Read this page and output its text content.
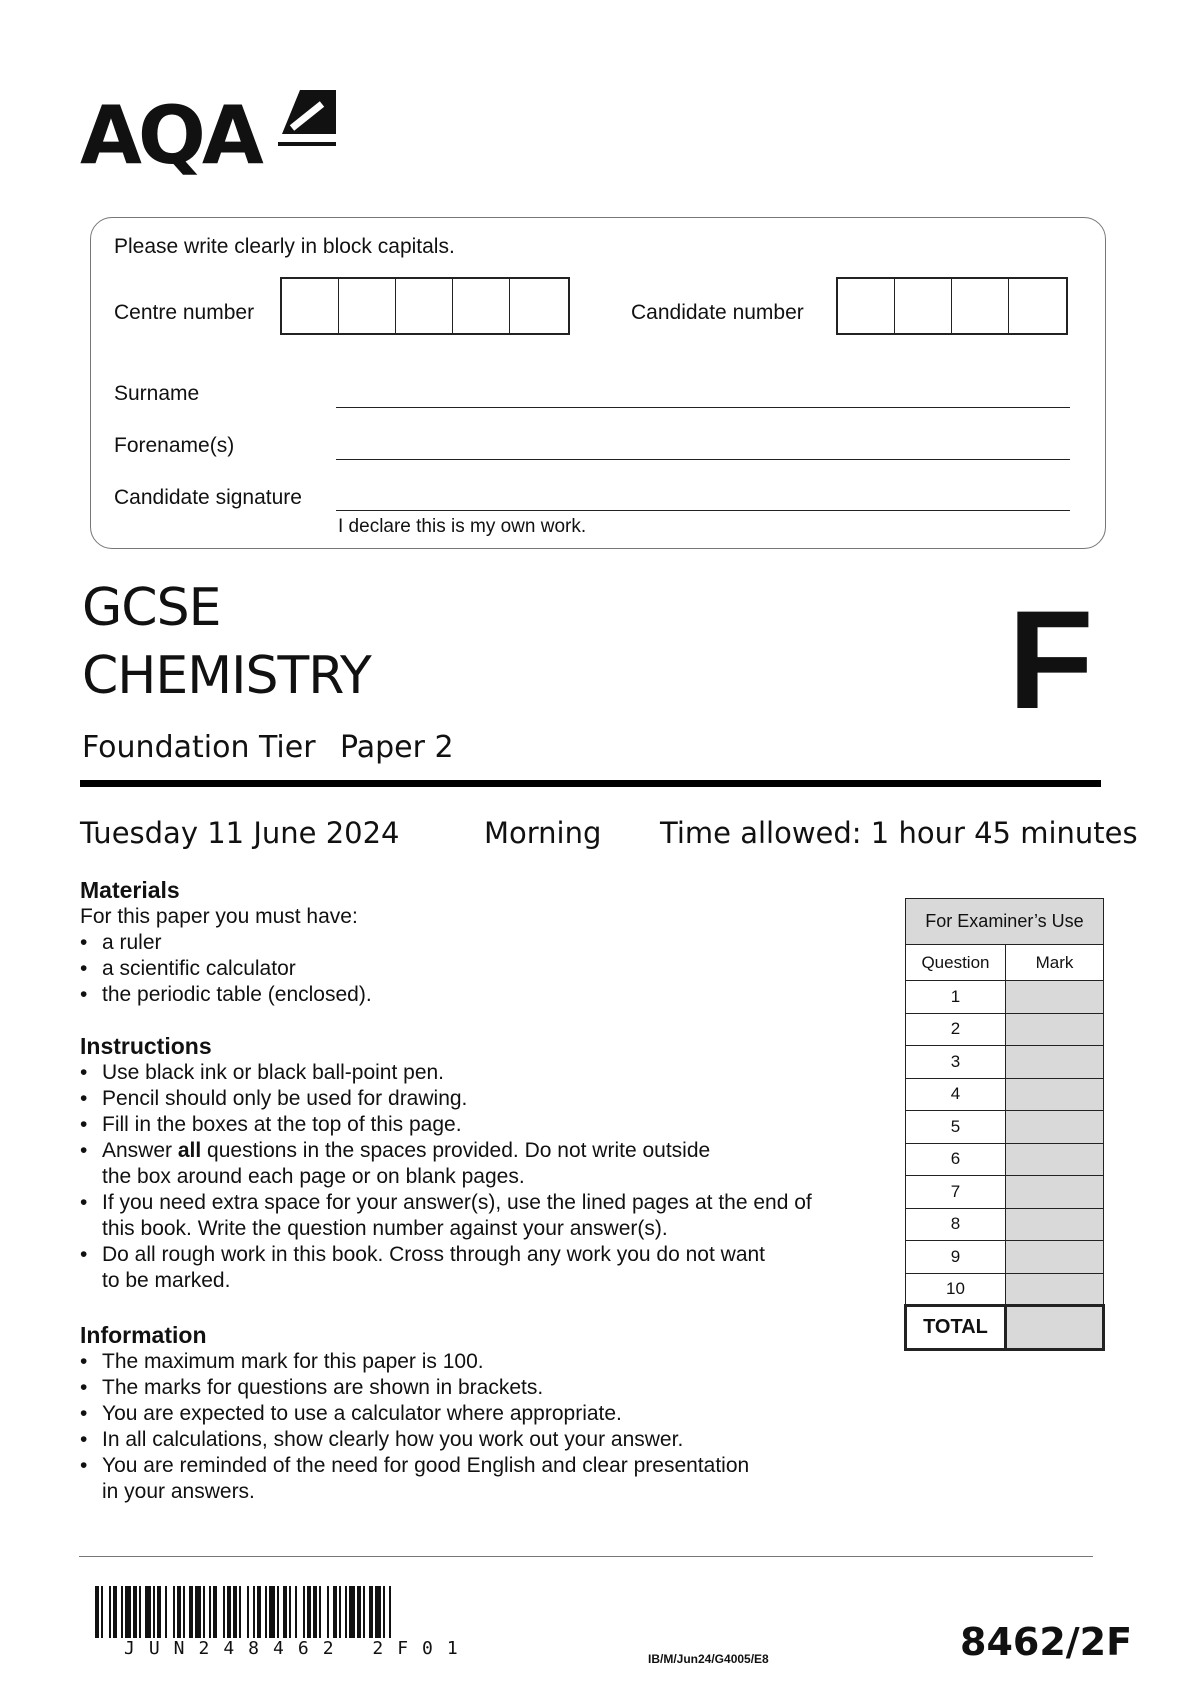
AQA
Please write clearly in block capitals.
Centre number	Candidate number
Surname
Forename(s)
Candidate signature
I declare this is my own work.
GCSE
CHEMISTRY
Foundation Tier Paper 2
F
Tuesday 11 June 2024	Morning Time allowed: 1 hour 45 minutes
Materials
For this paper you must have:
• a ruler
• a scientific calculator
• the periodic table (enclosed).
Instructions
• Use black ink or black ball-point pen.
• Pencil should only be used for drawing.
• Fill in the boxes at the top of this page.
• Answer all questions in the spaces provided. Do not write outside
the box around each page or on blank pages.
• If you need extra space for your answer(s), use the lined pages at the end of
this book. Write the question number against your answer(s).
• Do all rough work in this book. Cross through any work you do not want
to be marked.
Information
• The maximum mark for this paper is 100.
• The marks for questions are shown in brackets.
• You are expected to use a calculator where appropriate.
• In all calculations, show clearly how you work out your answer.
• You are reminded of the need for good English and clear presentation
in your answers.
For Examiner’s Use	
Question	Mark
1	
2	
3	
4	
5	
6	
7	
8	
9	
10	
TOTAL	
JUN248462 2F01	IB/M/Jun24/G4005/E8	8462/2F
